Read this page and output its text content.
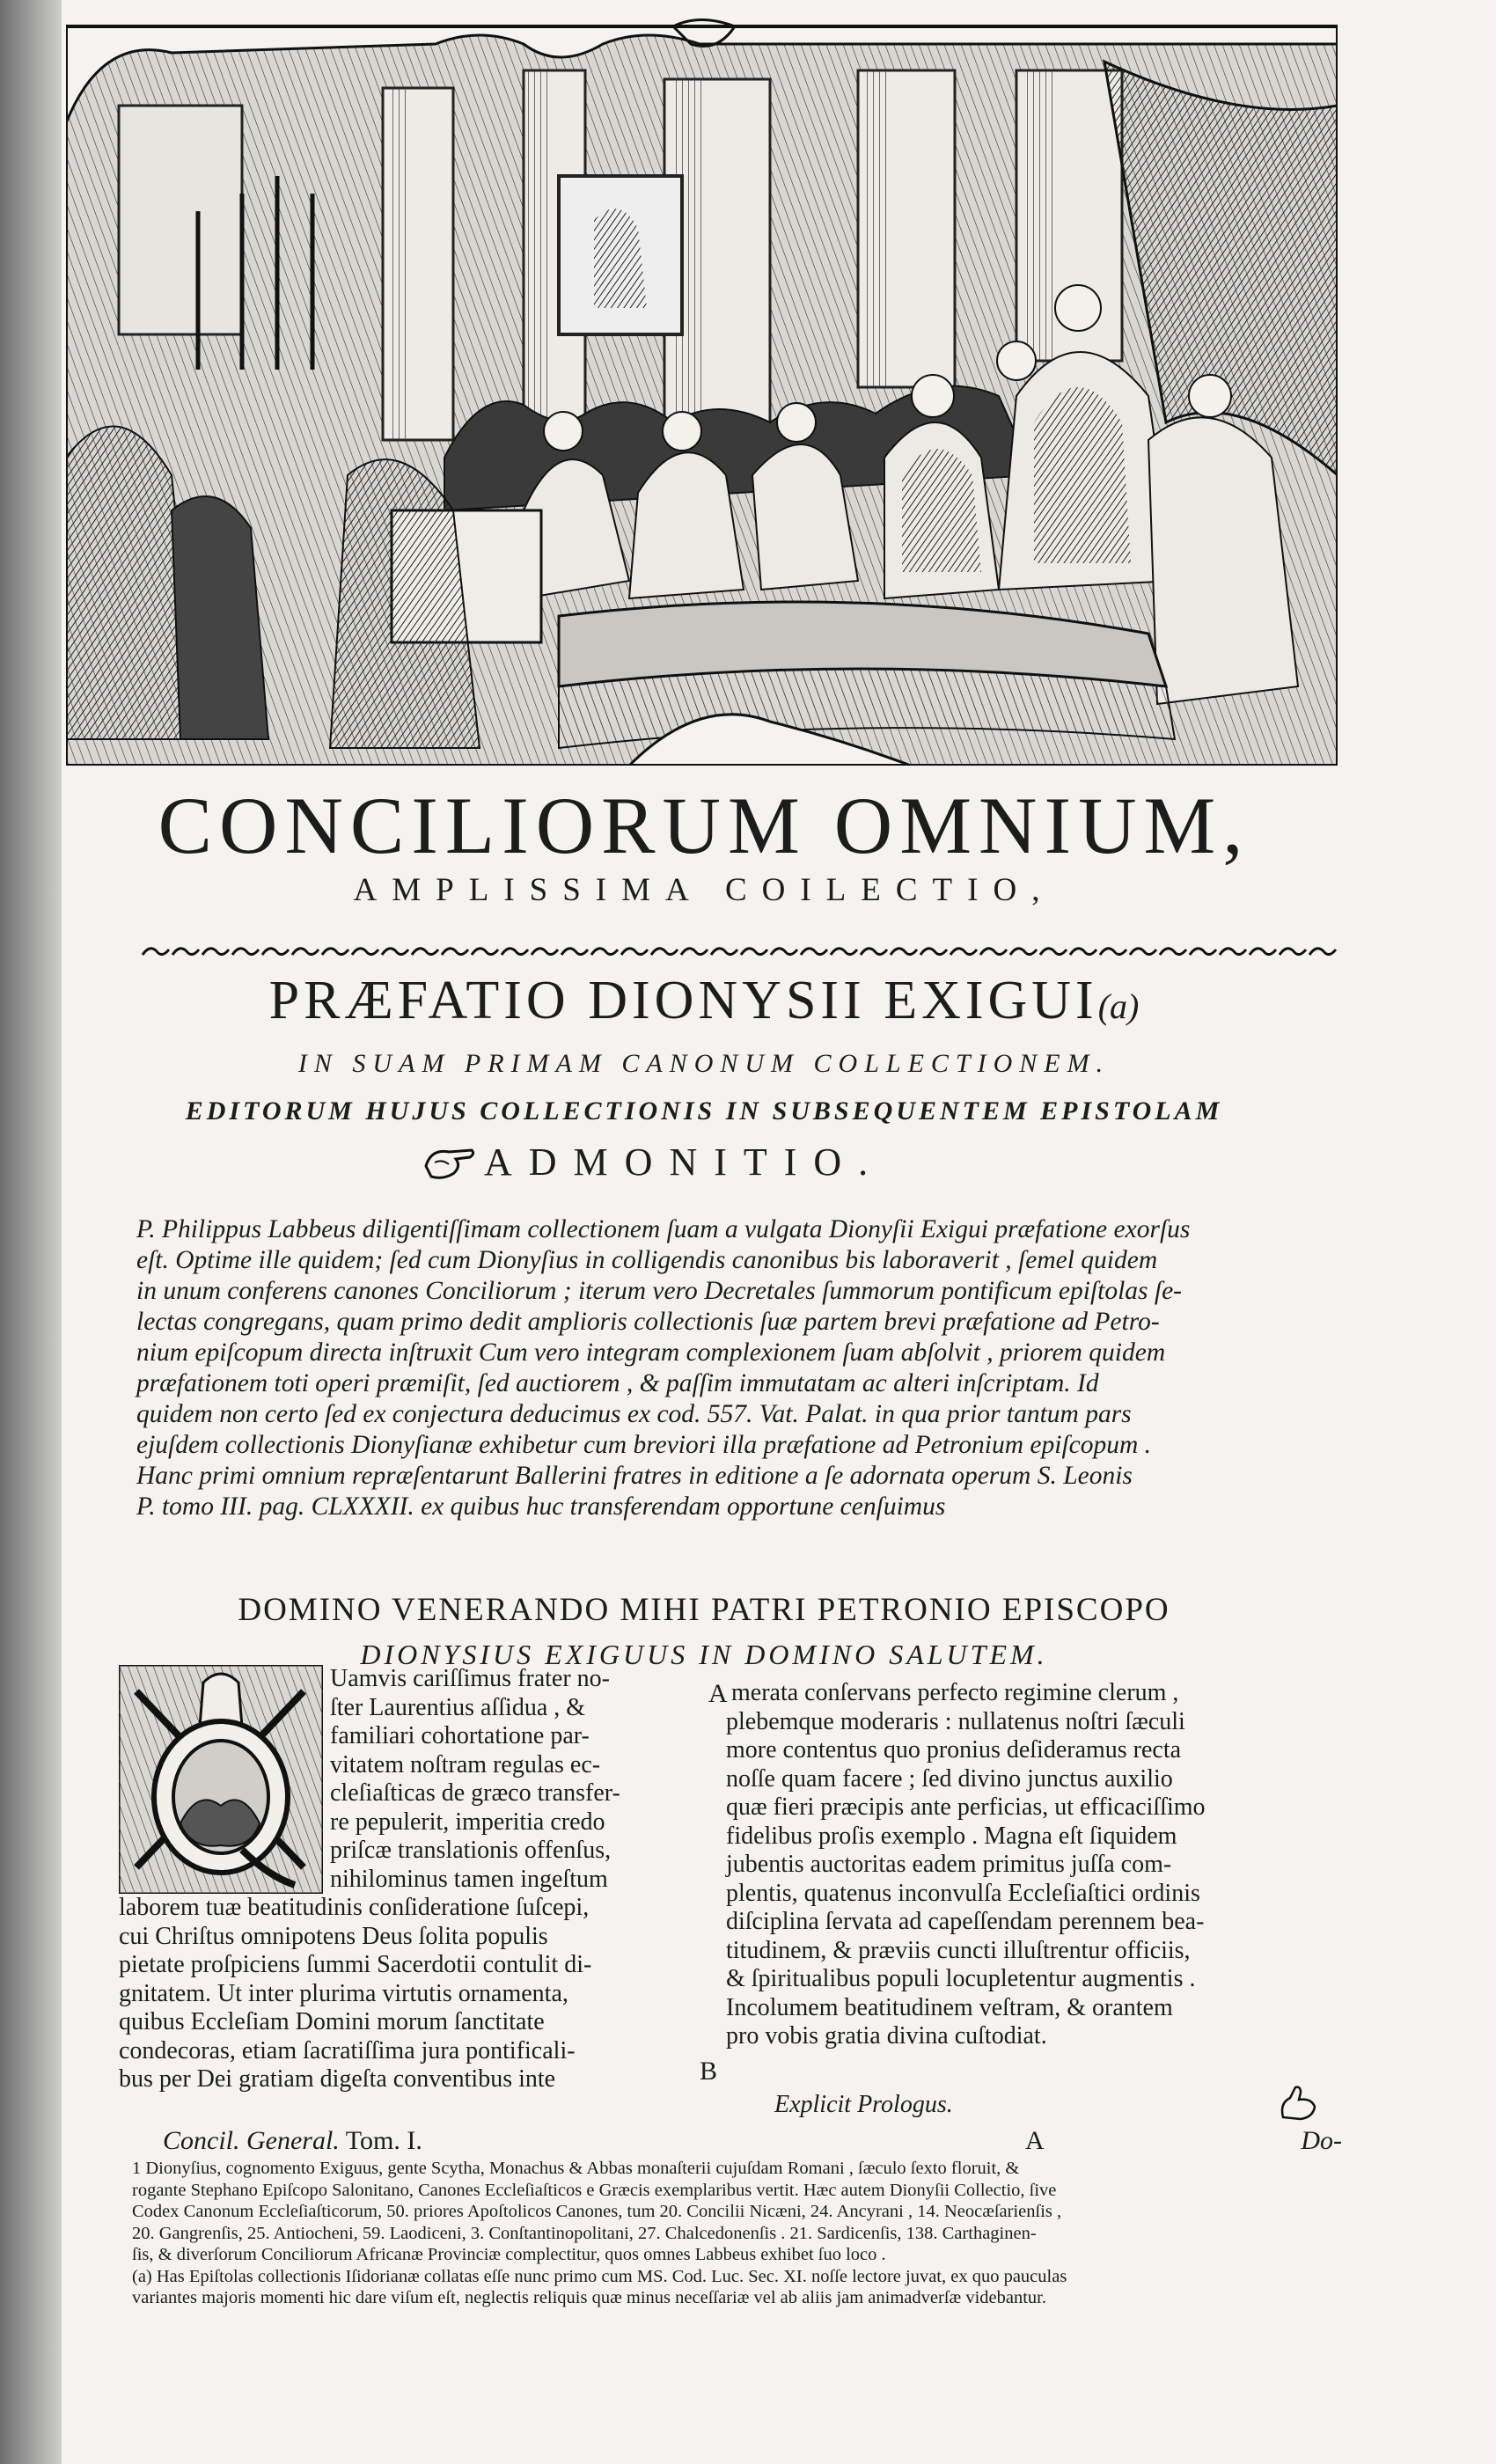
CONCILIORUM OMNIUM,
AMPLISSIMA COILECTIO,
PRÆFATIO DIONYSII EXIGUI(a)
IN SUAM PRIMAM CANONUM COLLECTIONEM.
EDITORUM HUJUS COLLECTIONIS IN SUBSEQUENTEM EPISTOLAM
ADMONITIO.

P. Philippus Labbeus diligentiſſimam collectionem ſuam a vulgata Dionyſii Exigui præfatione exorſus

eſt. Optime ille quidem; ſed cum Dionyſius in colligendis canonibus bis laboraverit , ſemel quidem

in unum conferens canones Conciliorum ; iterum vero Decretales ſummorum pontificum epiſtolas ſe-

lectas congregans, quam primo dedit amplioris collectionis ſuæ partem brevi præfatione ad Petro-

nium epiſcopum directa inſtruxit Cum vero integram complexionem ſuam abſolvit , priorem quidem

præfationem toti operi præmiſit, ſed auctiorem , & paſſim immutatam ac alteri inſcriptam. Id

quidem non certo ſed ex conjectura deducimus ex cod. 557. Vat. Palat. in qua prior tantum pars

ejuſdem collectionis Dionyſianæ exhibetur cum breviori illa præfatione ad Petronium epiſcopum .

Hanc primi omnium repræſentarunt Ballerini fratres in editione a ſe adornata operum S. Leonis

P. tomo III. pag. CLXXXII. ex quibus huc transferendam opportune cenſuimus

DOMINO VENERANDO MIHI PATRI PETRONIO EPISCOPO
DIONYSIUS EXIGUUS IN DOMINO SALUTEM.

Uamvis cariſſimus frater no-

ſter Laurentius aſſidua , &

familiari cohortatione par-

vitatem noſtram regulas ec-

cleſiaſticas de græco transfer-

re pepulerit, imperitia credo

priſcæ translationis offenſus,

nihilominus tamen ingeſtum

laborem tuæ beatitudinis conſideratione ſuſcepi,

cui Chriſtus omnipotens Deus ſolita populis

pietate proſpiciens ſummi Sacerdotii contulit di-

gnitatem. Ut inter plurima virtutis ornamenta,

quibus Eccleſiam Domini morum ſanctitate

condecoras, etiam ſacratiſſima jura pontificali-

bus per Dei gratiam digeſta conventibus inte

A merata conſervans perfecto regimine clerum ,

plebemque moderaris : nullatenus noſtri ſæculi

more contentus quo pronius deſideramus recta

noſſe quam facere ; ſed divino junctus auxilio

quæ fieri præcipis ante perficias, ut efficaciſſimo

fidelibus proſis exemplo . Magna eſt ſiquidem

jubentis auctoritas eadem primitus juſſa com-

plentis, quatenus inconvulſa Eccleſiaſtici ordinis

diſciplina ſervata ad capeſſendam perennem bea-

titudinem, & præviis cuncti illuſtrentur officiis,

& ſpiritualibus populi locupletentur augmentis .

Incolumem beatitudinem veſtram, & orantem

pro vobis gratia divina cuſtodiat.

B
Explicit Prologus.
Concil. General. Tom. I.	A	Do-

1 Dionyſius, cognomento Exiguus, gente Scytha, Monachus & Abbas monaſterii cujuſdam Romani , ſæculo ſexto floruit, &

rogante Stephano Epiſcopo Salonitano, Canones Eccleſiaſticos e Græcis exemplaribus vertit. Hæc autem Dionyſii Collectio, ſive

Codex Canonum Eccleſiaſticorum, 50. priores Apoſtolicos Canones, tum 20. Concilii Nicæni, 24. Ancyrani , 14. Neocæſarienſis ,

20. Gangrenſis, 25. Antiocheni, 59. Laodiceni, 3. Conſtantinopolitani, 27. Chalcedonenſis . 21. Sardicenſis, 138. Carthaginen-

ſis, & diverſorum Conciliorum Africanæ Provinciæ complectitur, quos omnes Labbeus exhibet ſuo loco .

(a) Has Epiſtolas collectionis Iſidorianæ collatas eſſe nunc primo cum MS. Cod. Luc. Sec. XI. noſſe lectore juvat, ex quo pauculas

variantes majoris momenti hic dare viſum eſt, neglectis reliquis quæ minus neceſſariæ vel ab aliis jam animadverſæ videbantur.
